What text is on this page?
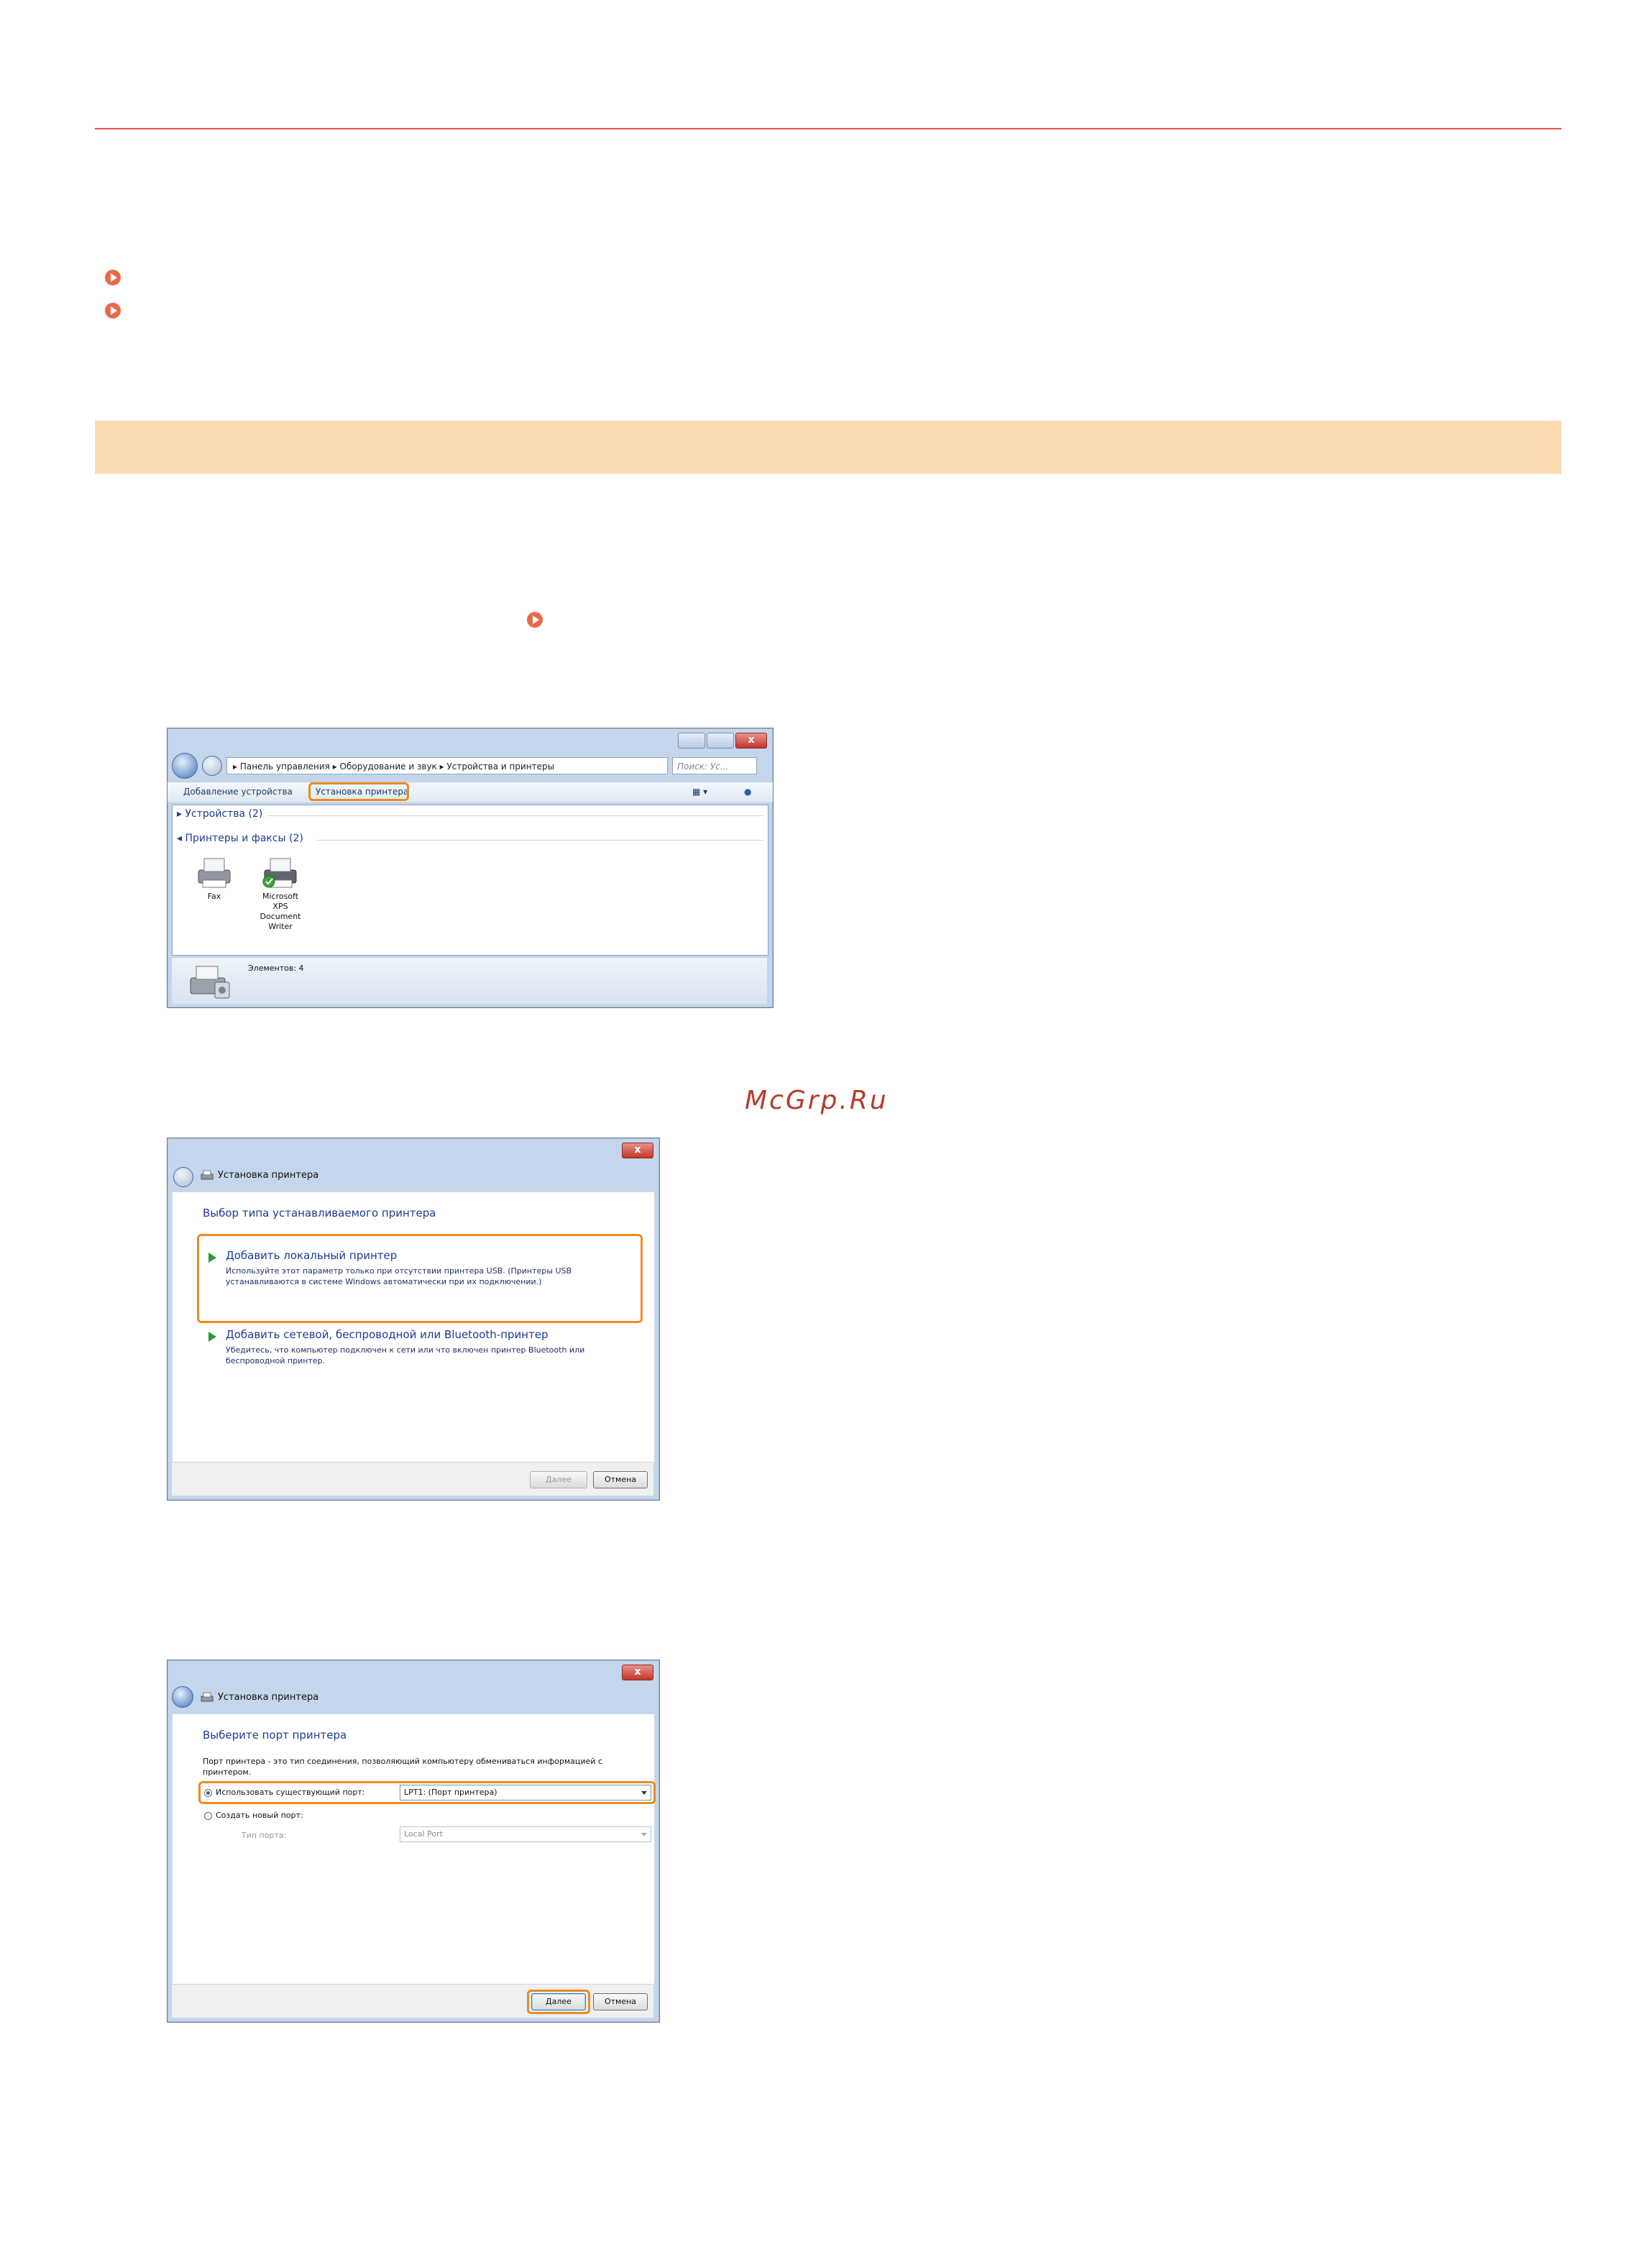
x
▸ Панель управления ▸ Оборудование и звук ▸ Устройства и принтеры	Поиск: Ус...
Добавление устройства	Установка принтера	▦ ▾	●
▸ Устройства (2)
◂ Принтеры и факсы (2)
Fax	Microsoft XPS Document Writer
Элементов: 4
McGrp.Ru
x
Установка принтера
Выбор типа устанавливаемого принтера
Добавить локальный принтер
Используйте этот параметр только при отсутствии принтера USB. (Принтеры USB устанавливаются в системе Windows автоматически при их подключении.)
Добавить сетевой, беспроводной или Bluetooth-принтер
Убедитесь, что компьютер подключен к сети или что включен принтер Bluetooth или беспроводной принтер.
Далее	Отмена
x
Установка принтера
Выберите порт принтера
Порт принтера - это тип соединения, позволяющий компьютеру обмениваться информацией с принтером.
Использовать существующий порт:	LPT1: (Порт принтера)
Создать новый порт:
Тип порта:	Local Port
Далее	Отмена
